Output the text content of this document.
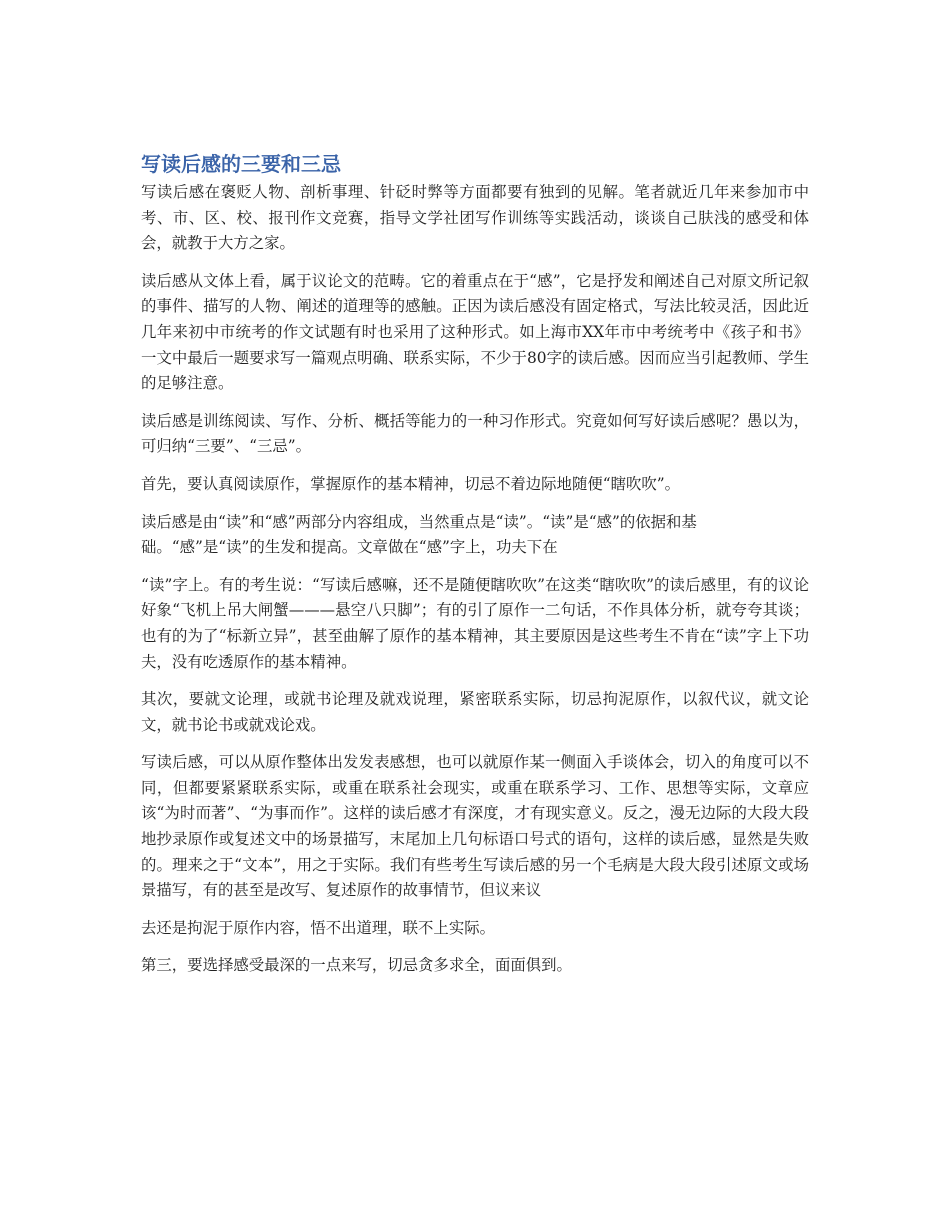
写读后感的三要和三忌

写读后感在褒贬人物、剖析事理、针砭时弊等方面都要有独到的见解。笔者就近几年来参加市中考、市、区、校、报刊作文竞赛，指导文学社团写作训练等实践活动，谈谈自己肤浅的感受和体会，就教于大方之家。

读后感从文体上看，属于议论文的范畴。它的着重点在于“感”，它是抒发和阐述自己对原文所记叙的事件、描写的人物、阐述的道理等的感触。正因为读后感没有固定格式，写法比较灵活，因此近几年来初中市统考的作文试题有时也采用了这种形式。如上海市XX年市中考统考中《孩子和书》一文中最后一题要求写一篇观点明确、联系实际，不少于80字的读后感。因而应当引起教师、学生的足够注意。

读后感是训练阅读、写作、分析、概括等能力的一种习作形式。究竟如何写好读后感呢？愚以为，可归纳“三要”、“三忌”。

首先，要认真阅读原作，掌握原作的基本精神，切忌不着边际地随便“瞎吹吹”。

读后感是由“读”和“感”两部分内容组成，当然重点是“读”。“读”是“感”的依据和基础。“感”是“读”的生发和提高。文章做在“感”字上，功夫下在

“读”字上。有的考生说：“写读后感嘛，还不是随便瞎吹吹”在这类“瞎吹吹”的读后感里，有的议论好象“飞机上吊大闸蟹———悬空八只脚”；有的引了原作一二句话，不作具体分析，就夸夸其谈；也有的为了“标新立异”，甚至曲解了原作的基本精神，其主要原因是这些考生不肯在“读”字上下功夫，没有吃透原作的基本精神。

其次，要就文论理，或就书论理及就戏说理，紧密联系实际，切忌拘泥原作，以叙代议，就文论文，就书论书或就戏论戏。

写读后感，可以从原作整体出发发表感想，也可以就原作某一侧面入手谈体会，切入的角度可以不同，但都要紧紧联系实际，或重在联系社会现实，或重在联系学习、工作、思想等实际，文章应该“为时而著”、“为事而作”。这样的读后感才有深度，才有现实意义。反之，漫无边际的大段大段地抄录原作或复述文中的场景描写，末尾加上几句标语口号式的语句，这样的读后感，显然是失败的。理来之于“文本”，用之于实际。我们有些考生写读后感的另一个毛病是大段大段引述原文或场景描写，有的甚至是改写、复述原作的故事情节，但议来议

去还是拘泥于原作内容，悟不出道理，联不上实际。

第三，要选择感受最深的一点来写，切忌贪多求全，面面俱到。
